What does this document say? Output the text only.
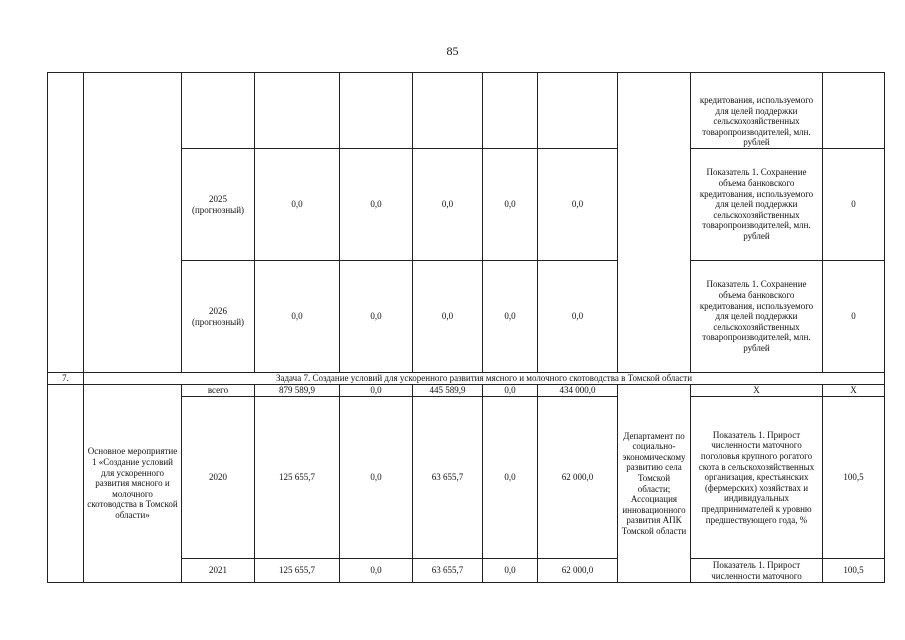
85
									кредитования, используемого для целей поддержки сельскохозяйственных товаропроизводителей, млн. рублей	
		2025 (прогнозный)	0,0	0,0	0,0	0,0	0,0		Показатель 1. Сохранение объема банковского кредитования, используемого для целей поддержки сельскохозяйственных товаропроизводителей, млн. рублей	0
		2026 (прогнозный)	0,0	0,0	0,0	0,0	0,0		Показатель 1. Сохранение объема банковского кредитования, используемого для целей поддержки сельскохозяйственных товаропроизводителей, млн. рублей	0
7.	Задача 7. Создание условий для ускоренного развития мясного и молочного скотоводства в Томской области									
	Основное мероприятие 1 «Создание условий для ускоренного развития мясного и молочного скотоводства в Томской области»	всего	879 589,9	0,0	445 589,9	0,0	434 000,0	Департамент по социально-экономическому развитию села Томской области; Ассоциация инновационного развития АПК Томской области	Х	Х
		2020	125 655,7	0,0	63 655,7	0,0	62 000,0		Показатель 1. Прирост численности маточного поголовья крупного рогатого скота в сельскохозяйственных организация, крестьянских (фермерских) хозяйствах и индивидуальных предпринимателей к уровню предшествующего года, %	100,5
		2021	125 655,7	0,0	63 655,7	0,0	62 000,0		Показатель 1. Прирост численности маточного	100,5
